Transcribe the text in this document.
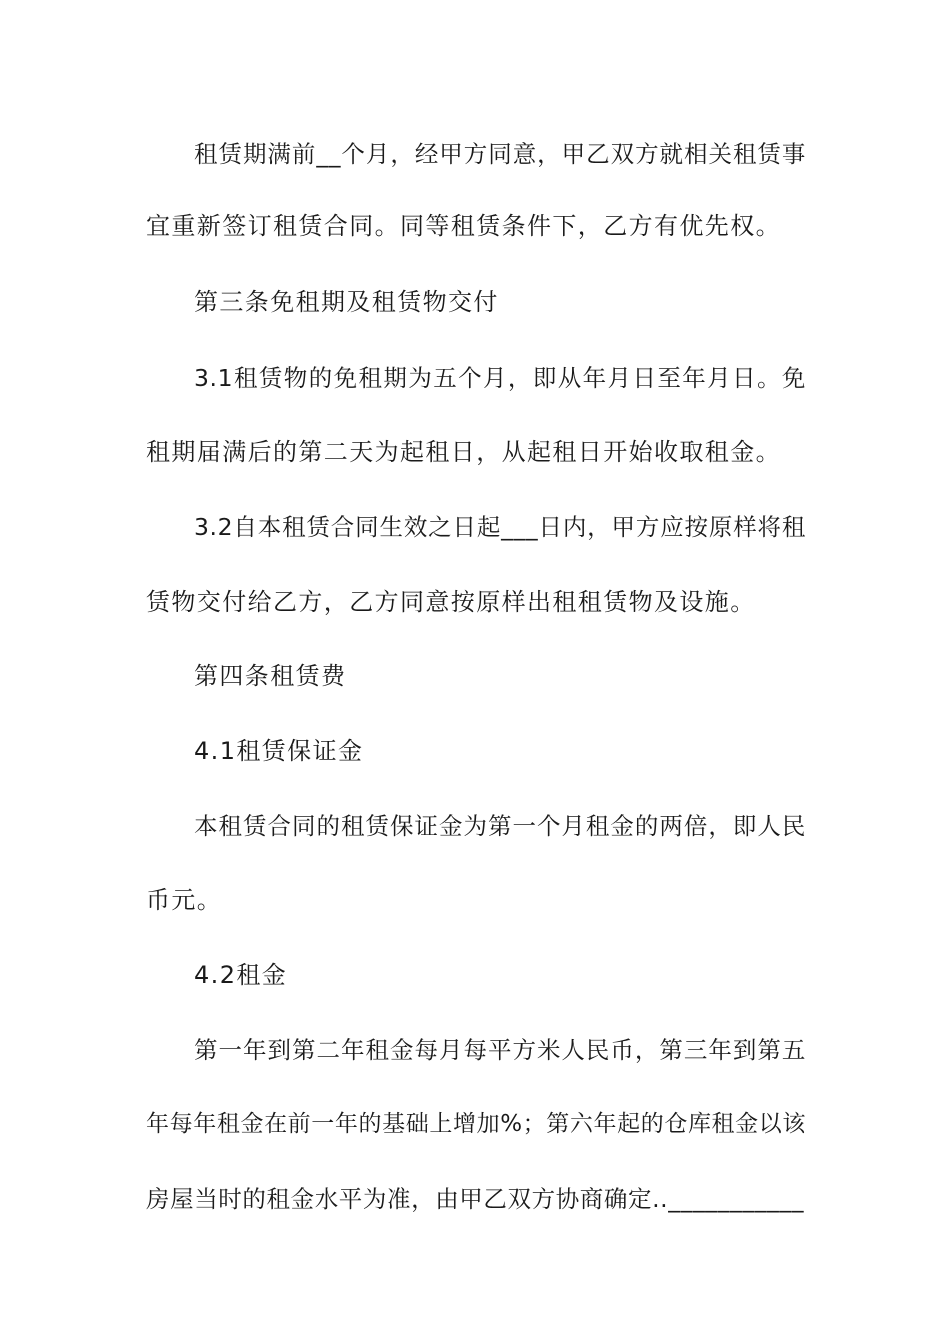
租赁期满前__个月，经甲方同意，甲乙双方就相关租赁事
宜重新签订租赁合同。同等租赁条件下，乙方有优先权。
第三条免租期及租赁物交付
3.1租赁物的免租期为五个月，即从年月日至年月日。免
租期届满后的第二天为起租日，从起租日开始收取租金。
3.2自本租赁合同生效之日起___日内，甲方应按原样将租
赁物交付给乙方，乙方同意按原样出租租赁物及设施。
第四条租赁费
4.1租赁保证金
本租赁合同的租赁保证金为第一个月租金的两倍，即人民
币元。
4.2租金
第一年到第二年租金每月每平方米人民币，第三年到第五
年每年租金在前一年的基础上增加%；第六年起的仓库租金以该
房屋当时的租金水平为准，由甲乙双方协商确定..___________
